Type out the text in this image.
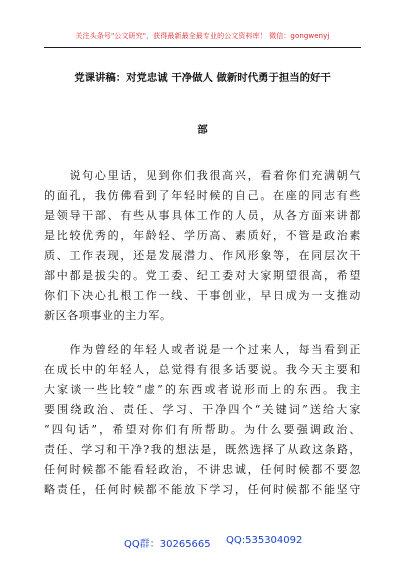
关注头条号"公文研究"，获得最新最全最专业的公文资料库！ 微信：gongwenyj
党课讲稿：对党忠诚 干净做人 做新时代勇于担当的好干
部
　　说句心里话，见到你们我很高兴，看着你们充满朝气
的面孔，我仿佛看到了年轻时候的自己。在座的同志有些
是领导干部、有些从事具体工作的人员，从各方面来讲都
是比较优秀的，年龄轻、学历高、素质好，不管是政治素
质、工作表现，还是发展潜力、作风形象等，在同层次干
部中都是拔尖的。党工委、纪工委对大家期望很高，希望
你们下决心扎根工作一线、干事创业，早日成为一支推动
新区各项事业的主力军。
　　作为曾经的年轻人或者说是一个过来人，每当看到正
在成长中的年轻人，总觉得有很多话要说。我今天主要和
大家谈一些比较“虚”的东西或者说形而上的东西。我主
要围绕政治、责任、学习、干净四个“关键词”送给大家
“四句话”，希望对你们有所帮助。为什么要强调政治、
责任、学习和干净?我的想法是，既然选择了从政这条路，
任何时候都不能看轻政治，不讲忠诚，任何时候都不要忽
略责任，任何时候都不能放下学习，任何时候都不能坚守
QQ群：30265665 QQ:535304092
